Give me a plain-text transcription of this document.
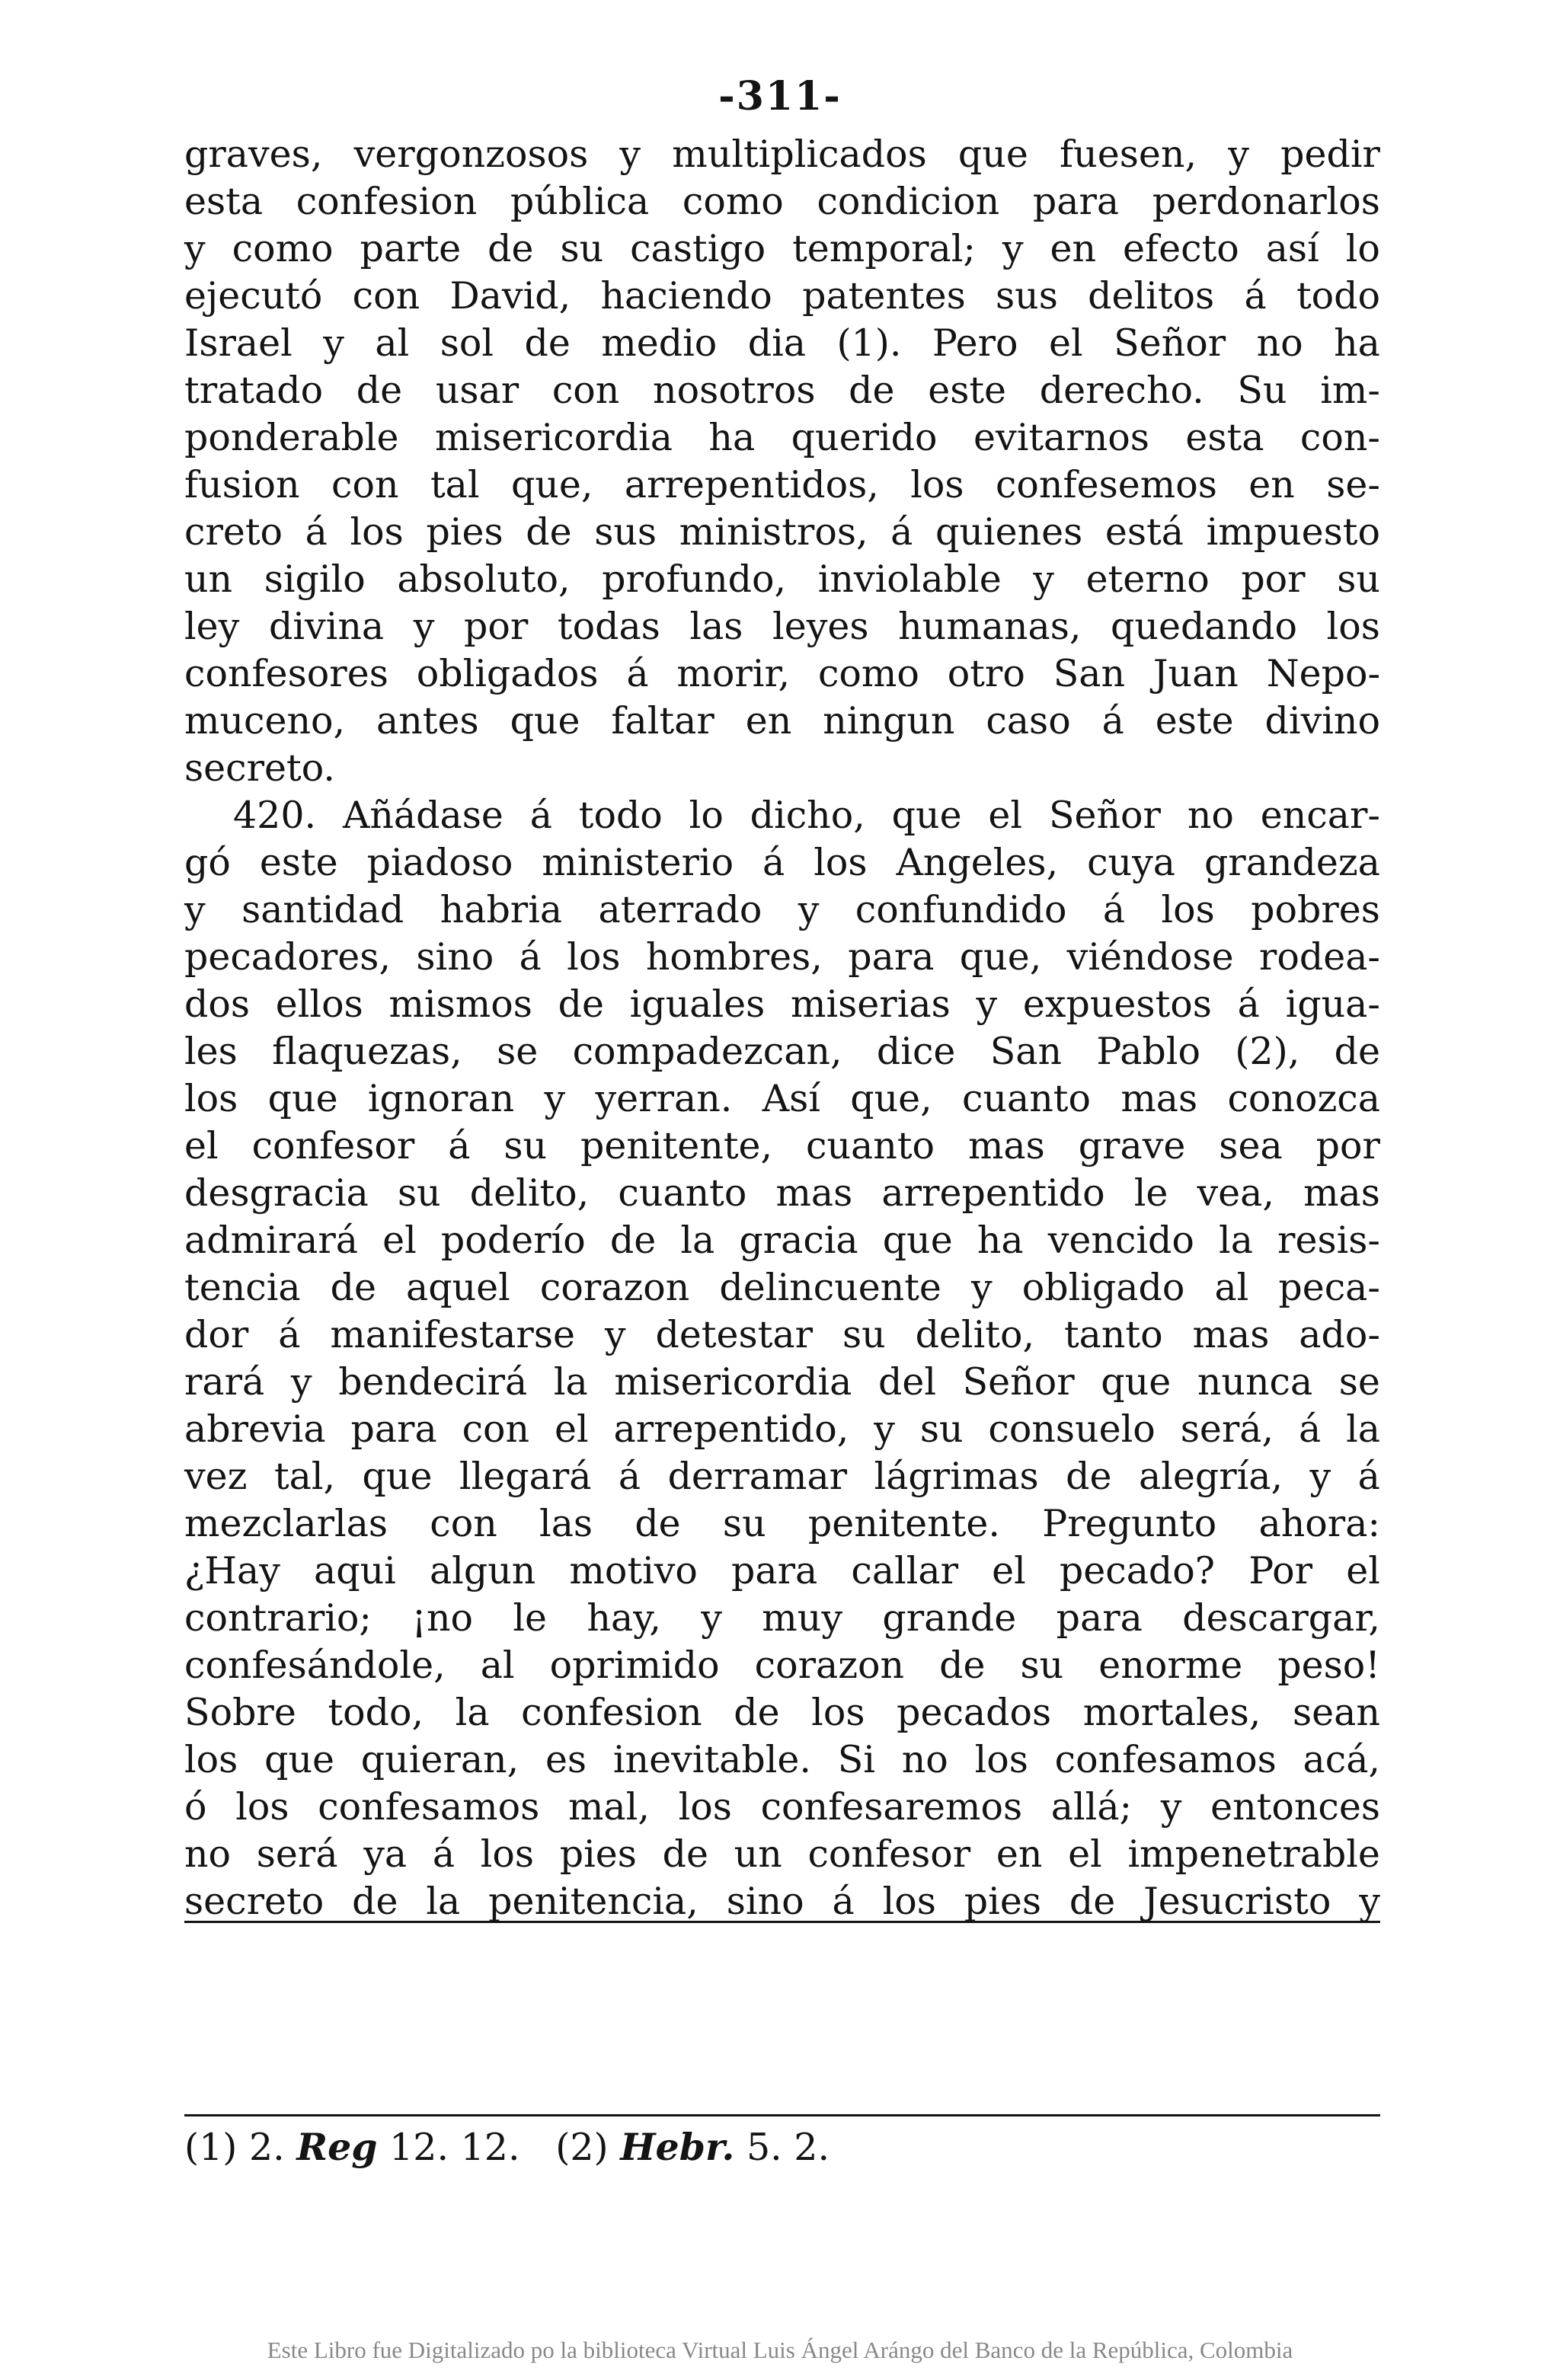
-311-
graves, vergonzosos y multiplicados que fuesen, y pedir
esta confesion pública como condicion para perdonarlos
y como parte de su castigo temporal; y en efecto así lo
ejecutó con David, haciendo patentes sus delitos á todo
Israel y al sol de medio dia (1). Pero el Señor no ha
tratado de usar con nosotros de este derecho. Su im-
ponderable misericordia ha querido evitarnos esta con-
fusion con tal que, arrepentidos, los confesemos en se-
creto á los pies de sus ministros, á quienes está impuesto
un sigilo absoluto, profundo, inviolable y eterno por su
ley divina y por todas las leyes humanas, quedando los
confesores obligados á morir, como otro San Juan Nepo-
muceno, antes que faltar en ningun caso á este divino
secreto.
420. Añádase á todo lo dicho, que el Señor no encar-
gó este piadoso ministerio á los Angeles, cuya grandeza
y santidad habria aterrado y confundido á los pobres
pecadores, sino á los hombres, para que, viéndose rodea-
dos ellos mismos de iguales miserias y expuestos á igua-
les flaquezas, se compadezcan, dice San Pablo (2), de
los que ignoran y yerran. Así que, cuanto mas conozca
el confesor á su penitente, cuanto mas grave sea por
desgracia su delito, cuanto mas arrepentido le vea, mas
admirará el poderío de la gracia que ha vencido la resis-
tencia de aquel corazon delincuente y obligado al peca-
dor á manifestarse y detestar su delito, tanto mas ado-
rará y bendecirá la misericordia del Señor que nunca se
abrevia para con el arrepentido, y su consuelo será, á la
vez tal, que llegará á derramar lágrimas de alegría, y á
mezclarlas con las de su penitente. Pregunto ahora:
¿Hay aqui algun motivo para callar el pecado? Por el
contrario; ¡no le hay, y muy grande para descargar,
confesándole, al oprimido corazon de su enorme peso!
Sobre todo, la confesion de los pecados mortales, sean
los que quieran, es inevitable. Si no los confesamos acá,
ó los confesamos mal, los confesaremos allá; y entonces
no será ya á los pies de un confesor en el impenetrable
secreto de la penitencia, sino á los pies de Jesucristo y
(1) 2. Reg 12. 12. (2) Hebr. 5. 2.
Este Libro fue Digitalizado po la biblioteca Virtual Luis Ángel Arángo del Banco de la República, Colombia
